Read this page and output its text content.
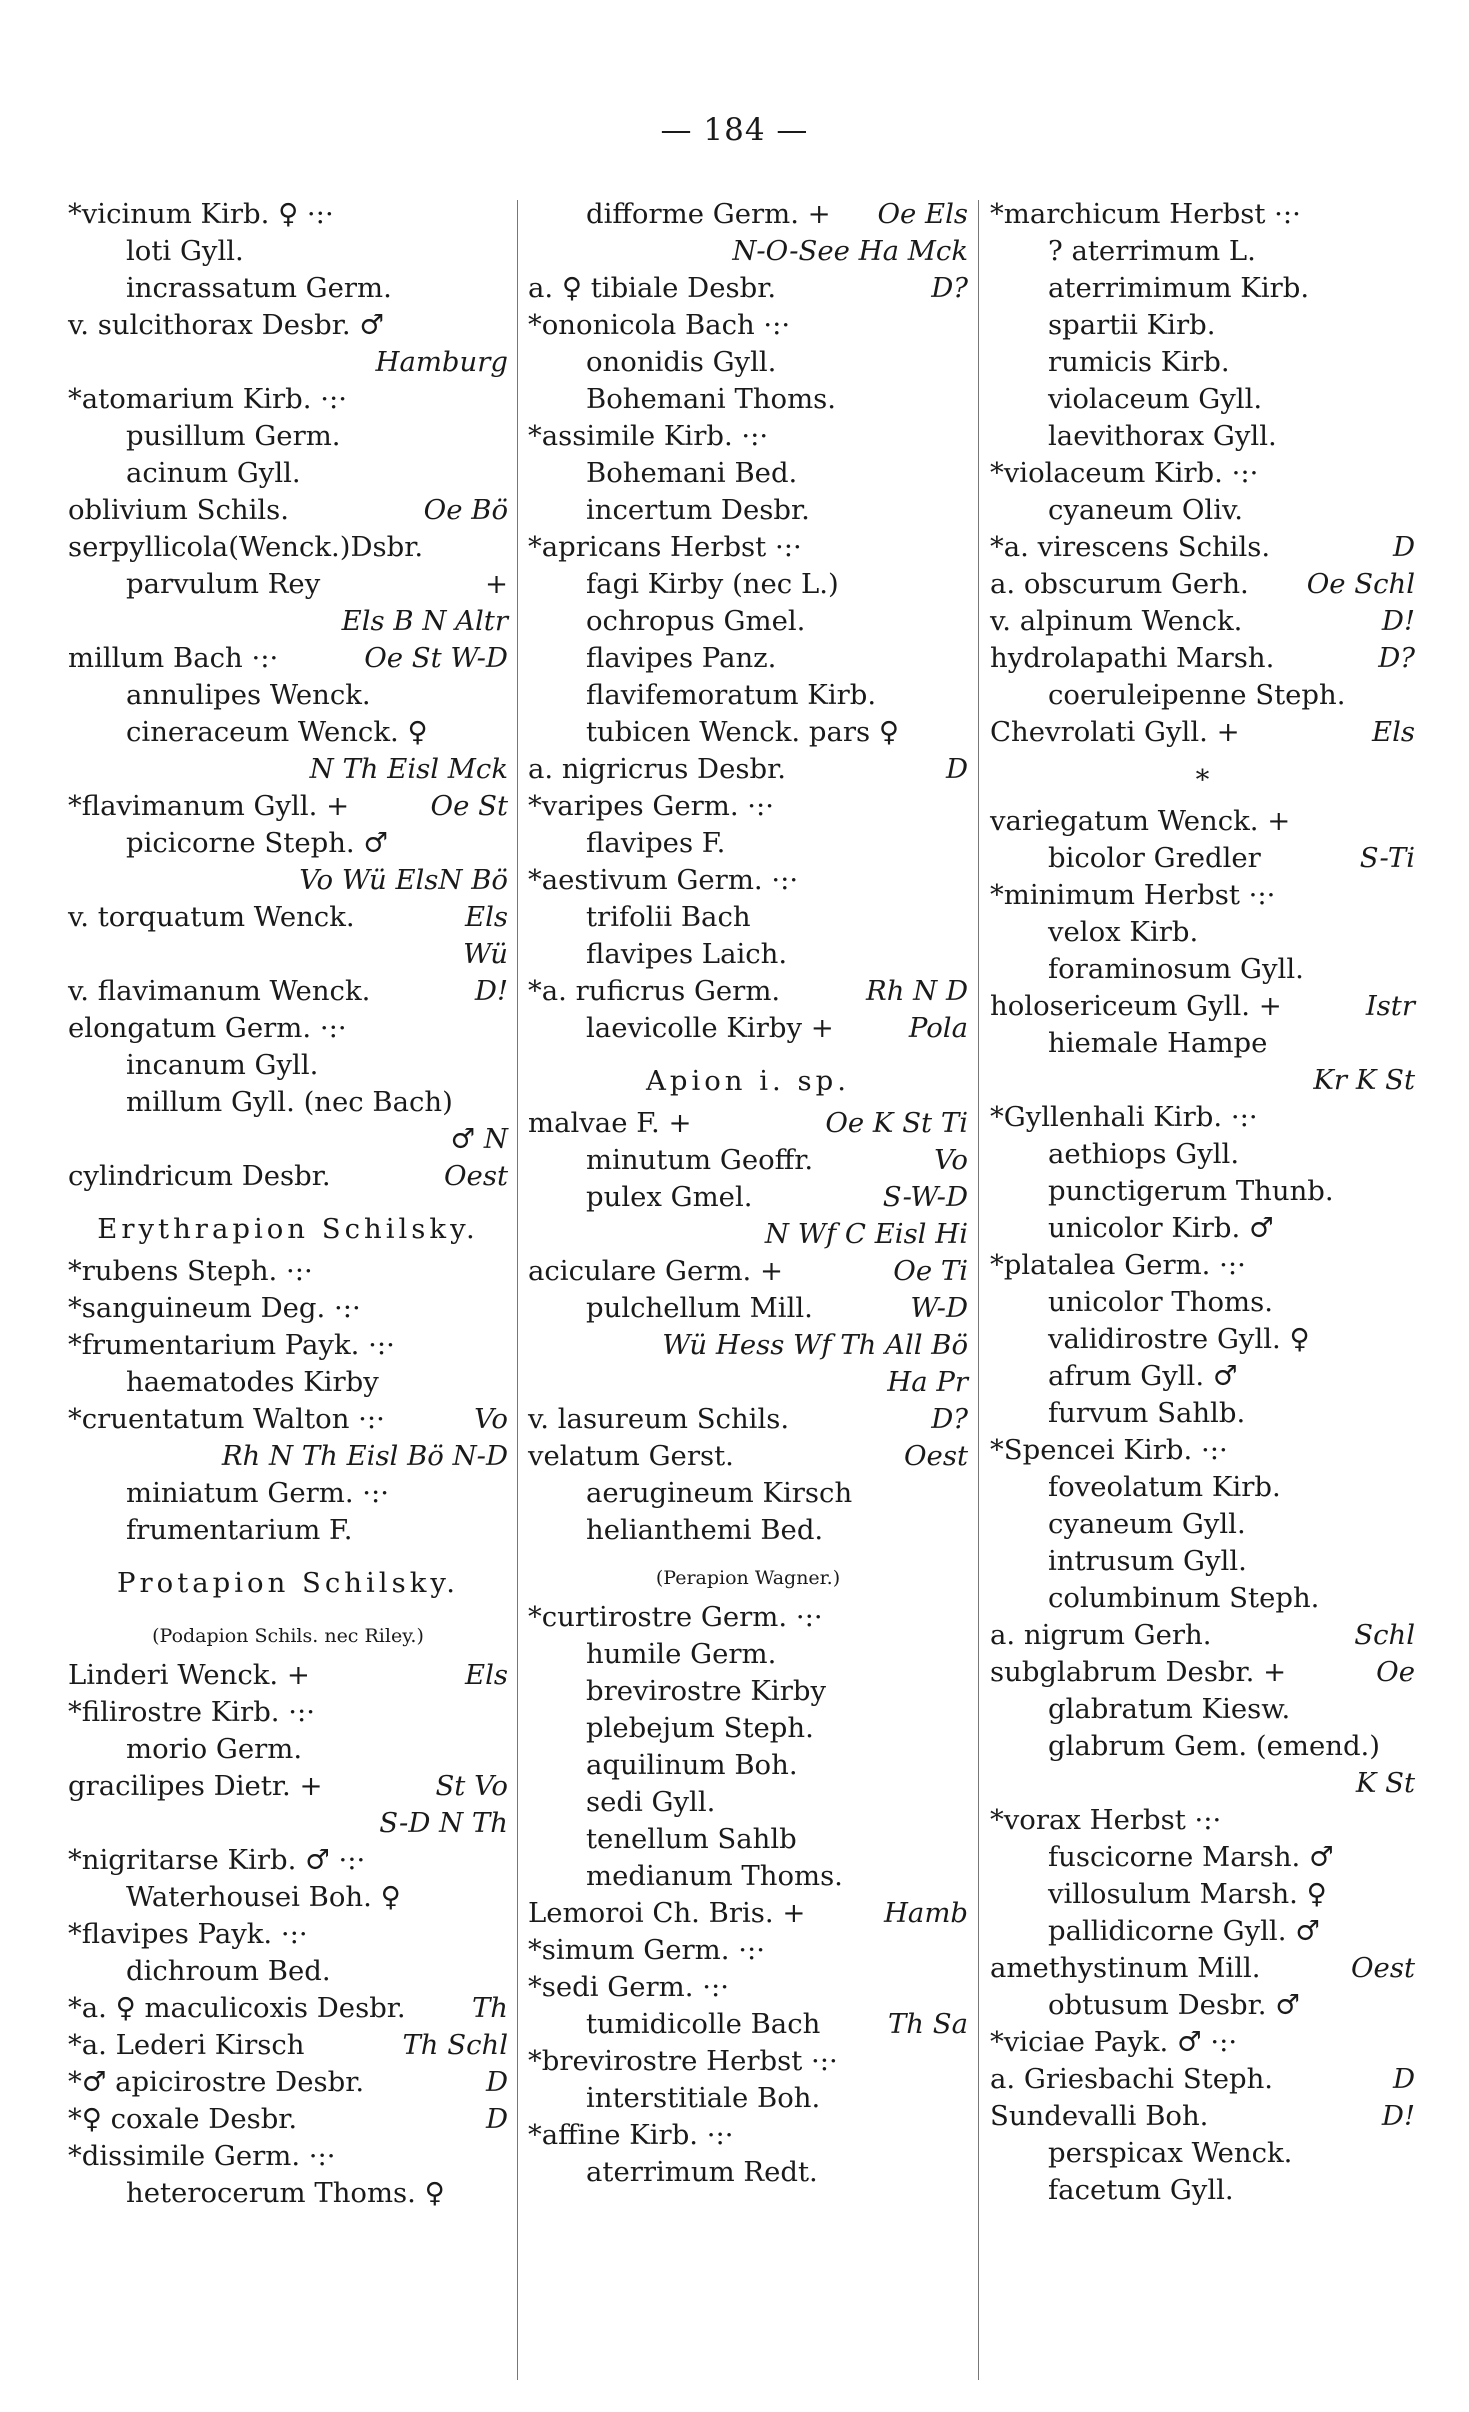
— 184 —
*vicinum Kirb. ♀ ·:·
loti Gyll.
incrassatum Germ.
v. sulcithorax Desbr. ♂
Hamburg
*atomarium Kirb. ·:·
pusillum Germ.
acinum Gyll.
oblivium Schils.	Oe Bö
serpyllicola(Wenck.)Dsbr.
parvulum Rey	+
Els B N Altr
millum Bach ·:·	Oe St W-D
annulipes Wenck.
cineraceum Wenck. ♀
N Th Eisl Mck
*flavimanum Gyll. +	Oe St
picicorne Steph. ♂
Vo Wü ElsN Bö
v. torquatum Wenck.	Els
Wü
v. flavimanum Wenck.	D!
elongatum Germ. ·:·
incanum Gyll.
millum Gyll. (nec Bach)
♂ N
cylindricum Desbr.	Oest
Erythrapion Schilsky.
*rubens Steph. ·:·
*sanguineum Deg. ·:·
*frumentarium Payk. ·:·
haematodes Kirby
*cruentatum Walton ·:·	Vo
Rh N Th Eisl Bö N-D
miniatum Germ. ·:·
frumentarium F.
Protapion Schilsky.
(Podapion Schils. nec Riley.)
Linderi Wenck. +	Els
*filirostre Kirb. ·:·
morio Germ.
gracilipes Dietr. +	St Vo
S-D N Th
*nigritarse Kirb. ♂ ·:·
Waterhousei Boh. ♀
*flavipes Payk. ·:·
dichroum Bed.
*a. ♀ maculicoxis Desbr. Th
*a. Lederi Kirsch	Th Schl
*♂ apicirostre Desbr.	D
*♀ coxale Desbr.	D
*dissimile Germ. ·:·
heterocerum Thoms. ♀
difforme Germ. + Oe Els
N-O-See Ha Mck
a. ♀ tibiale Desbr.	D?
*ononicola Bach ·:·
ononidis Gyll.
Bohemani Thoms.
*assimile Kirb. ·:·
Bohemani Bed.
incertum Desbr.
*apricans Herbst ·:·
fagi Kirby (nec L.)
ochropus Gmel.
flavipes Panz.
flavifemoratum Kirb.
tubicen Wenck. pars ♀
a. nigricrus Desbr.	D
*varipes Germ. ·:·
flavipes F.
*aestivum Germ. ·:·
trifolii Bach
flavipes Laich.
*a. ruficrus Germ.	Rh N D
laevicolle Kirby +	Pola
Apion i. sp.
malvae F. +	Oe K St Ti
minutum Geoffr.	Vo
pulex Gmel.	S-W-D
N Wf C Eisl Hi
aciculare Germ. +	Oe Ti
pulchellum Mill.	W-D
Wü Hess Wf Th All Bö
Ha Pr
v. lasureum Schils.	D?
velatum Gerst.	Oest
aerugineum Kirsch
helianthemi Bed.
(Perapion Wagner.)
*curtirostre Germ. ·:·
humile Germ.
brevirostre Kirby
plebejum Steph.
aquilinum Boh.
sedi Gyll.
tenellum Sahlb
medianum Thoms.
Lemoroi Ch. Bris. +	Hamb
*simum Germ. ·:·
*sedi Germ. ·:·
tumidicolle Bach Th Sa
*brevirostre Herbst ·:·
interstitiale Boh.
*affine Kirb. ·:·
aterrimum Redt.
*marchicum Herbst ·:·
? aterrimum L.
aterrimimum Kirb.
spartii Kirb.
rumicis Kirb.
violaceum Gyll.
laevithorax Gyll.
*violaceum Kirb. ·:·
cyaneum Oliv.
*a. virescens Schils.	D
a. obscurum Gerh. Oe Schl
v. alpinum Wenck.	D!
hydrolapathi Marsh.	D?
coeruleipenne Steph.
Chevrolati Gyll. +	Els
*
variegatum Wenck. +
bicolor Gredler	S-Ti
*minimum Herbst ·:·
velox Kirb.
foraminosum Gyll.
holosericeum Gyll. +	Istr
hiemale Hampe
Kr K St
*Gyllenhali Kirb. ·:·
aethiops Gyll.
punctigerum Thunb.
unicolor Kirb. ♂
*platalea Germ. ·:·
unicolor Thoms.
validirostre Gyll. ♀
afrum Gyll. ♂
furvum Sahlb.
*Spencei Kirb. ·:·
foveolatum Kirb.
cyaneum Gyll.
intrusum Gyll.
columbinum Steph.
a. nigrum Gerh.	Schl
subglabrum Desbr. +	Oe
glabratum Kiesw.
glabrum Gem. (emend.)
K St
*vorax Herbst ·:·
fuscicorne Marsh. ♂
villosulum Marsh. ♀
pallidicorne Gyll. ♂
amethystinum Mill.	Oest
obtusum Desbr. ♂
*viciae Payk. ♂ ·:·
a. Griesbachi Steph.	D
Sundevalli Boh.	D!
perspicax Wenck.
facetum Gyll.
